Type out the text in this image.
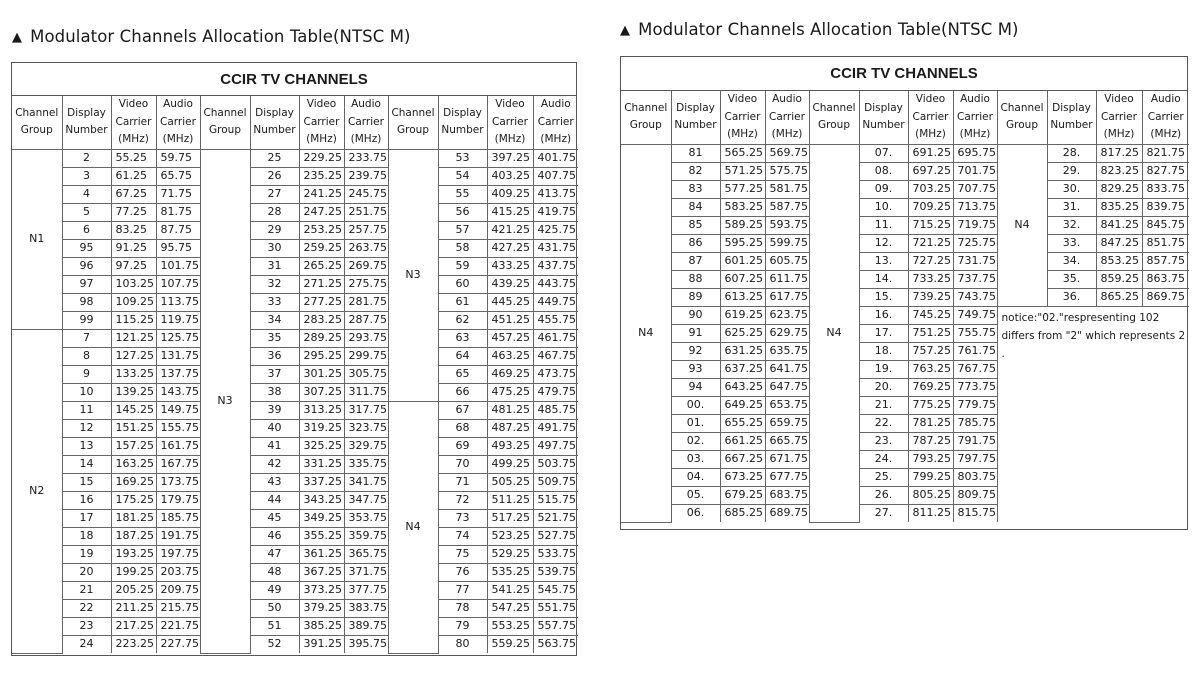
▲ Modulator Channels Allocation Table(NTSC M)	▲ Modulator Channels Allocation Table(NTSC M)
CCIR TV CHANNELS
Channel
Group	Display
Number	Video
Carrier
(MHz)	Audio
Carrier
(MHz)	Channel
Group	Display
Number	Video
Carrier
(MHz)	Audio
Carrier
(MHz)	Channel
Group	Display
Number	Video
Carrier
(MHz)	Audio
Carrier
(MHz)

N1	2	55.25	59.75	N3	25	229.25	233.75	N3	53	397.25	401.75
	3	61.25	65.75		26	235.25	239.75		54	403.25	407.75
	4	67.25	71.75		27	241.25	245.75		55	409.25	413.75
	5	77.25	81.75		28	247.25	251.75		56	415.25	419.75
	6	83.25	87.75		29	253.25	257.75		57	421.25	425.75
	95	91.25	95.75		30	259.25	263.75		58	427.25	431.75
	96	97.25	101.75		31	265.25	269.75		59	433.25	437.75
	97	103.25	107.75		32	271.25	275.75		60	439.25	443.75
	98	109.25	113.75		33	277.25	281.75		61	445.25	449.75
	99	115.25	119.75		34	283.25	287.75		62	451.25	455.75
N2	7	121.25	125.75		35	289.25	293.75		63	457.25	461.75
	8	127.25	131.75		36	295.25	299.75		64	463.25	467.75
	9	133.25	137.75		37	301.25	305.75		65	469.25	473.75
	10	139.25	143.75		38	307.25	311.75		66	475.25	479.75
	11	145.25	149.75		39	313.25	317.75	N4	67	481.25	485.75
	12	151.25	155.75		40	319.25	323.75		68	487.25	491.75
	13	157.25	161.75		41	325.25	329.75		69	493.25	497.75
	14	163.25	167.75		42	331.25	335.75		70	499.25	503.75
	15	169.25	173.75		43	337.25	341.75		71	505.25	509.75
	16	175.25	179.75		44	343.25	347.75		72	511.25	515.75
	17	181.25	185.75		45	349.25	353.75		73	517.25	521.75
	18	187.25	191.75		46	355.25	359.75		74	523.25	527.75
	19	193.25	197.75		47	361.25	365.75		75	529.25	533.75
	20	199.25	203.75		48	367.25	371.75		76	535.25	539.75
	21	205.25	209.75		49	373.25	377.75		77	541.25	545.75
	22	211.25	215.75		50	379.25	383.75		78	547.25	551.75
	23	217.25	221.75		51	385.25	389.75		79	553.25	557.75
	24	223.25	227.75		52	391.25	395.75		80	559.25	563.75
CCIR TV CHANNELS
Channel
Group	Display
Number	Video
Carrier
(MHz)	Audio
Carrier
(MHz)	Channel
Group	Display
Number	Video
Carrier
(MHz)	Audio
Carrier
(MHz)	Channel
Group	Display
Number	Video
Carrier
(MHz)	Audio
Carrier
(MHz)

N4	81	565.25	569.75	N4	07.	691.25	695.75	N4	28.	817.25	821.75
	82	571.25	575.75		08.	697.25	701.75		29.	823.25	827.75
	83	577.25	581.75		09.	703.25	707.75		30.	829.25	833.75
	84	583.25	587.75		10.	709.25	713.75		31.	835.25	839.75
	85	589.25	593.75		11.	715.25	719.75		32.	841.25	845.75
	86	595.25	599.75		12.	721.25	725.75		33.	847.25	851.75
	87	601.25	605.75		13.	727.25	731.75		34.	853.25	857.75
	88	607.25	611.75		14.	733.25	737.75		35.	859.25	863.75
	89	613.25	617.75		15.	739.25	743.75		36.	865.25	869.75
	90	619.25	623.75		16.	745.25	749.75	notice:"02."respresenting 102 differs from "2" which represents 2 .			
	91	625.25	629.75		17.	751.25	755.75				
	92	631.25	635.75		18.	757.25	761.75				
	93	637.25	641.75		19.	763.25	767.75				
	94	643.25	647.75		20.	769.25	773.75				
	00.	649.25	653.75		21.	775.25	779.75				
	01.	655.25	659.75		22.	781.25	785.75				
	02.	661.25	665.75		23.	787.25	791.75				
	03.	667.25	671.75		24.	793.25	797.75				
	04.	673.25	677.75		25.	799.25	803.75				
	05.	679.25	683.75		26.	805.25	809.75				
	06.	685.25	689.75		27.	811.25	815.75				
